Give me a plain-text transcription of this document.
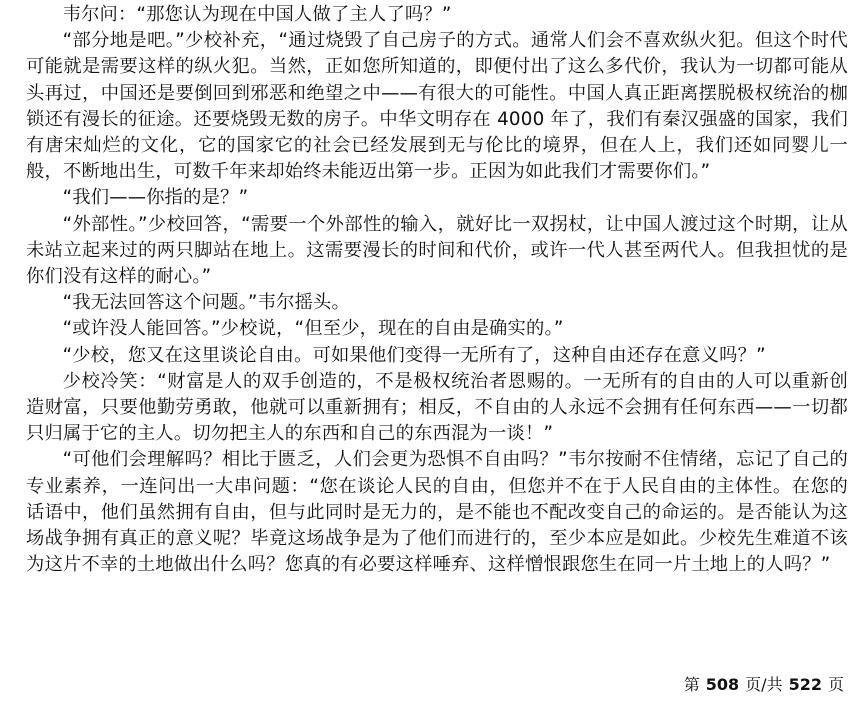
韦尔问：“那您认为现在中国人做了主人了吗？”

“部分地是吧。”少校补充，“通过烧毁了自己房子的方式。通常人们会不喜欢纵火犯。但这个时代可能就是需要这样的纵火犯。当然，正如您所知道的，即便付出了这么多代价，我认为一切都可能从头再过，中国还是要倒回到邪恶和绝望之中——有很大的可能性。中国人真正距离摆脱极权统治的枷锁还有漫长的征途。还要烧毁无数的房子。中华文明存在 4000 年了，我们有秦汉强盛的国家，我们有唐宋灿烂的文化，它的国家它的社会已经发展到无与伦比的境界，但在人上，我们还如同婴儿一般，不断地出生，可数千年来却始终未能迈出第一步。正因为如此我们才需要你们。”

“我们——你指的是？”

“外部性。”少校回答，“需要一个外部性的输入，就好比一双拐杖，让中国人渡过这个时期，让从未站立起来过的两只脚站在地上。这需要漫长的时间和代价，或许一代人甚至两代人。但我担忧的是你们没有这样的耐心。”

“我无法回答这个问题。”韦尔摇头。

“或许没人能回答。”少校说，“但至少，现在的自由是确实的。”

“少校，您又在这里谈论自由。可如果他们变得一无所有了，这种自由还存在意义吗？”

少校冷笑：“财富是人的双手创造的，不是极权统治者恩赐的。一无所有的自由的人可以重新创造财富，只要他勤劳勇敢，他就可以重新拥有；相反，不自由的人永远不会拥有任何东西——一切都只归属于它的主人。切勿把主人的东西和自己的东西混为一谈！”

“可他们会理解吗？相比于匮乏，人们会更为恐惧不自由吗？”韦尔按耐不住情绪，忘记了自己的专业素养，一连问出一大串问题：“您在谈论人民的自由，但您并不在于人民自由的主体性。在您的话语中，他们虽然拥有自由，但与此同时是无力的，是不能也不配改变自己的命运的。是否能认为这场战争拥有真正的意义呢？毕竟这场战争是为了他们而进行的，至少本应是如此。少校先生难道不该为这片不幸的土地做出什么吗？您真的有必要这样唾弃、这样憎恨跟您生在同一片土地上的人吗？”

第 508 页/共 522 页
